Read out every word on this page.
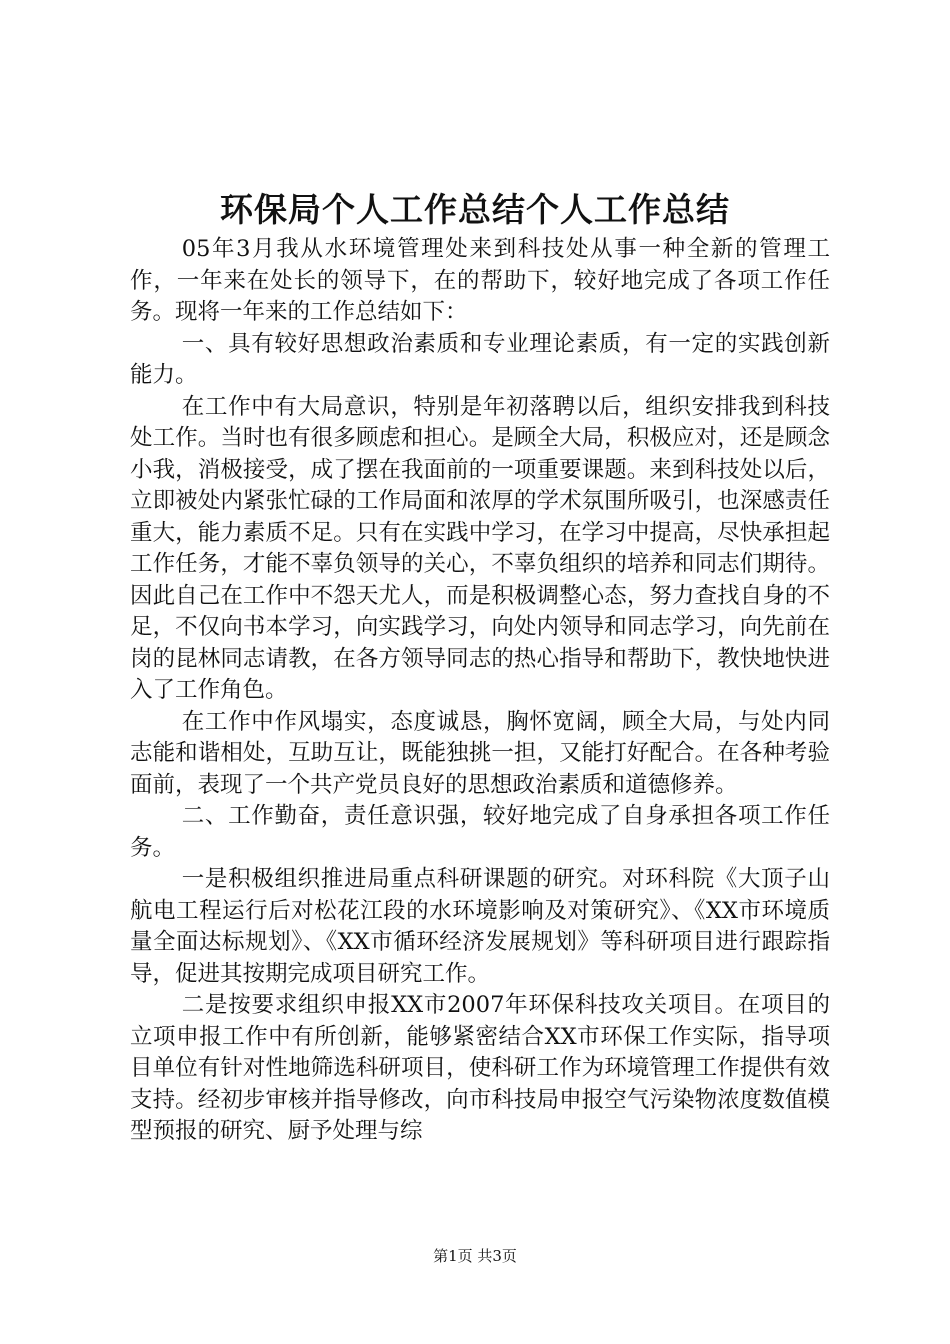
环保局个人工作总结个人工作总结

05年3月我从水环境管理处来到科技处从事一种全新的管理工作，一年来在处长的领导下，在的帮助下，较好地完成了各项工作任务。现将一年来的工作总结如下：

一、具有较好思想政治素质和专业理论素质，有一定的实践创新能力。

在工作中有大局意识，特别是年初落聘以后，组织安排我到科技处工作。当时也有很多顾虑和担心。是顾全大局，积极应对，还是顾念小我，消极接受，成了摆在我面前的一项重要课题。来到科技处以后，立即被处内紧张忙碌的工作局面和浓厚的学术氛围所吸引，也深感责任重大，能力素质不足。只有在实践中学习，在学习中提高，尽快承担起工作任务，才能不辜负领导的关心，不辜负组织的培养和同志们期待。因此自己在工作中不怨天尤人，而是积极调整心态，努力查找自身的不足，不仅向书本学习，向实践学习，向处内领导和同志学习，向先前在岗的昆林同志请教，在各方领导同志的热心指导和帮助下，教快地快进入了工作角色。

在工作中作风塌实，态度诚恳，胸怀宽阔，顾全大局，与处内同志能和谐相处，互助互让，既能独挑一担，又能打好配合。在各种考验面前，表现了一个共产党员良好的思想政治素质和道德修养。

二、工作勤奋，责任意识强，较好地完成了自身承担各项工作任务。

一是积极组织推进局重点科研课题的研究。对环科院《大顶子山航电工程运行后对松花江段的水环境影响及对策研究》、《XX市环境质量全面达标规划》、《XX市循环经济发展规划》等科研项目进行跟踪指导，促进其按期完成项目研究工作。

二是按要求组织申报XX市2007年环保科技攻关项目。在项目的立项申报工作中有所创新，能够紧密结合XX市环保工作实际，指导项目单位有针对性地筛选科研项目，使科研工作为环境管理工作提供有效支持。经初步审核并指导修改，向市科技局申报空气污染物浓度数值模型预报的研究、厨予处理与综

第1页 共3页
